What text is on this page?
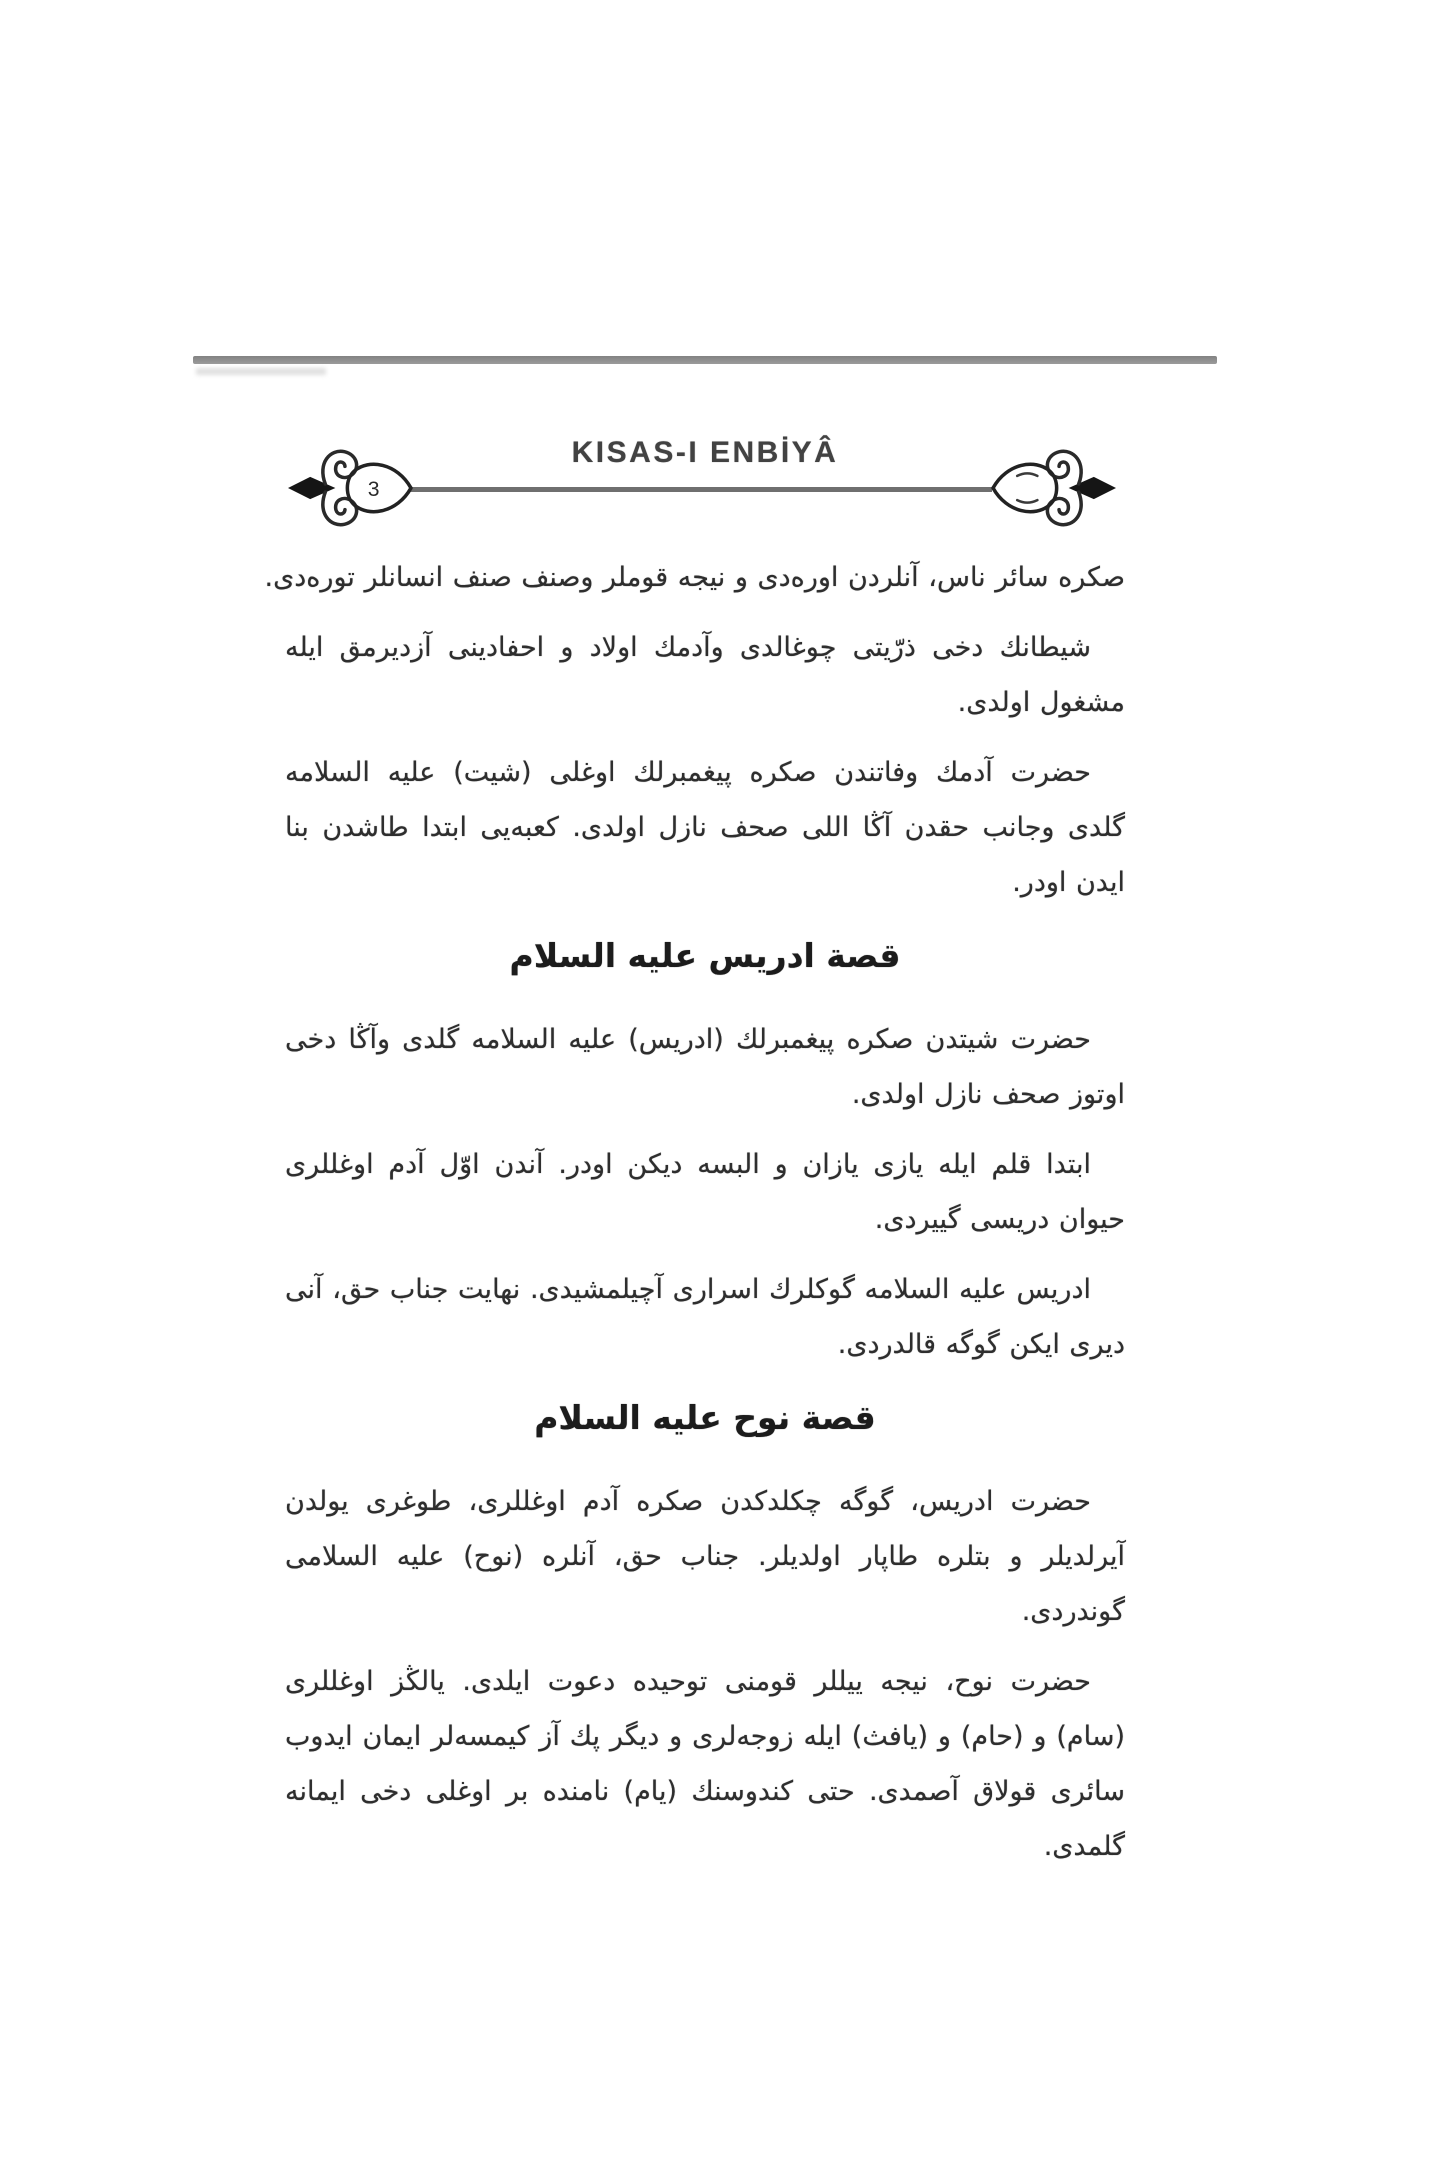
KISAS-I ENBİYÂ
3

صكره سائر ناس، آنلردن اوره‌دی و نیجه قوملر وصنف صنف انسانلر توره‌دی.

شیطانك دخی ذرّیتی چوغالدی وآدمك اولاد و احفادینی آزدیرمق ایله مشغول اولدی.

حضرت آدمك وفاتندن صكره پیغمبرلك اوغلی (شیت) علیه السلامه گلدی وجانب حقدن آڭا اللی صحف نازل اولدی. كعبه‌یی ابتدا طاشدن بنا ایدن اودر.

قصة ادريس عليه السلام

حضرت شیتدن صكره پیغمبرلك (ادریس) علیه السلامه گلدی وآڭا دخی اوتوز صحف نازل اولدی.

ابتدا قلم ایله یازی یازان و البسه دیكن اودر. آندن اوّل آدم اوغللری حیوان دریسی گییردی.

ادریس علیه السلامه گوكلرك اسراری آچیلمشیدی. نهایت جناب حق، آنی دیری ایكن گوگه قالدردی.

قصة نوح عليه السلام

حضرت ادریس، گوگه چكلدكدن صكره آدم اوغللری، طوغری یولدن آیرلدیلر و بتلره طاپار اولدیلر. جناب حق، آنلره (نوح) علیه السلامی گوندردی.

حضرت نوح، نیجه ییللر قومنی توحیده دعوت ایلدی. یالڭز اوغللری (سام) و (حام) و (یافث) ایله زوجه‌لری و دیگر پك آز كیمسه‌لر ایمان ایدوب سائری قولاق آصمدی. حتی كندوسنك (یام) نامنده بر اوغلی دخی ایمانه گلمدی.
